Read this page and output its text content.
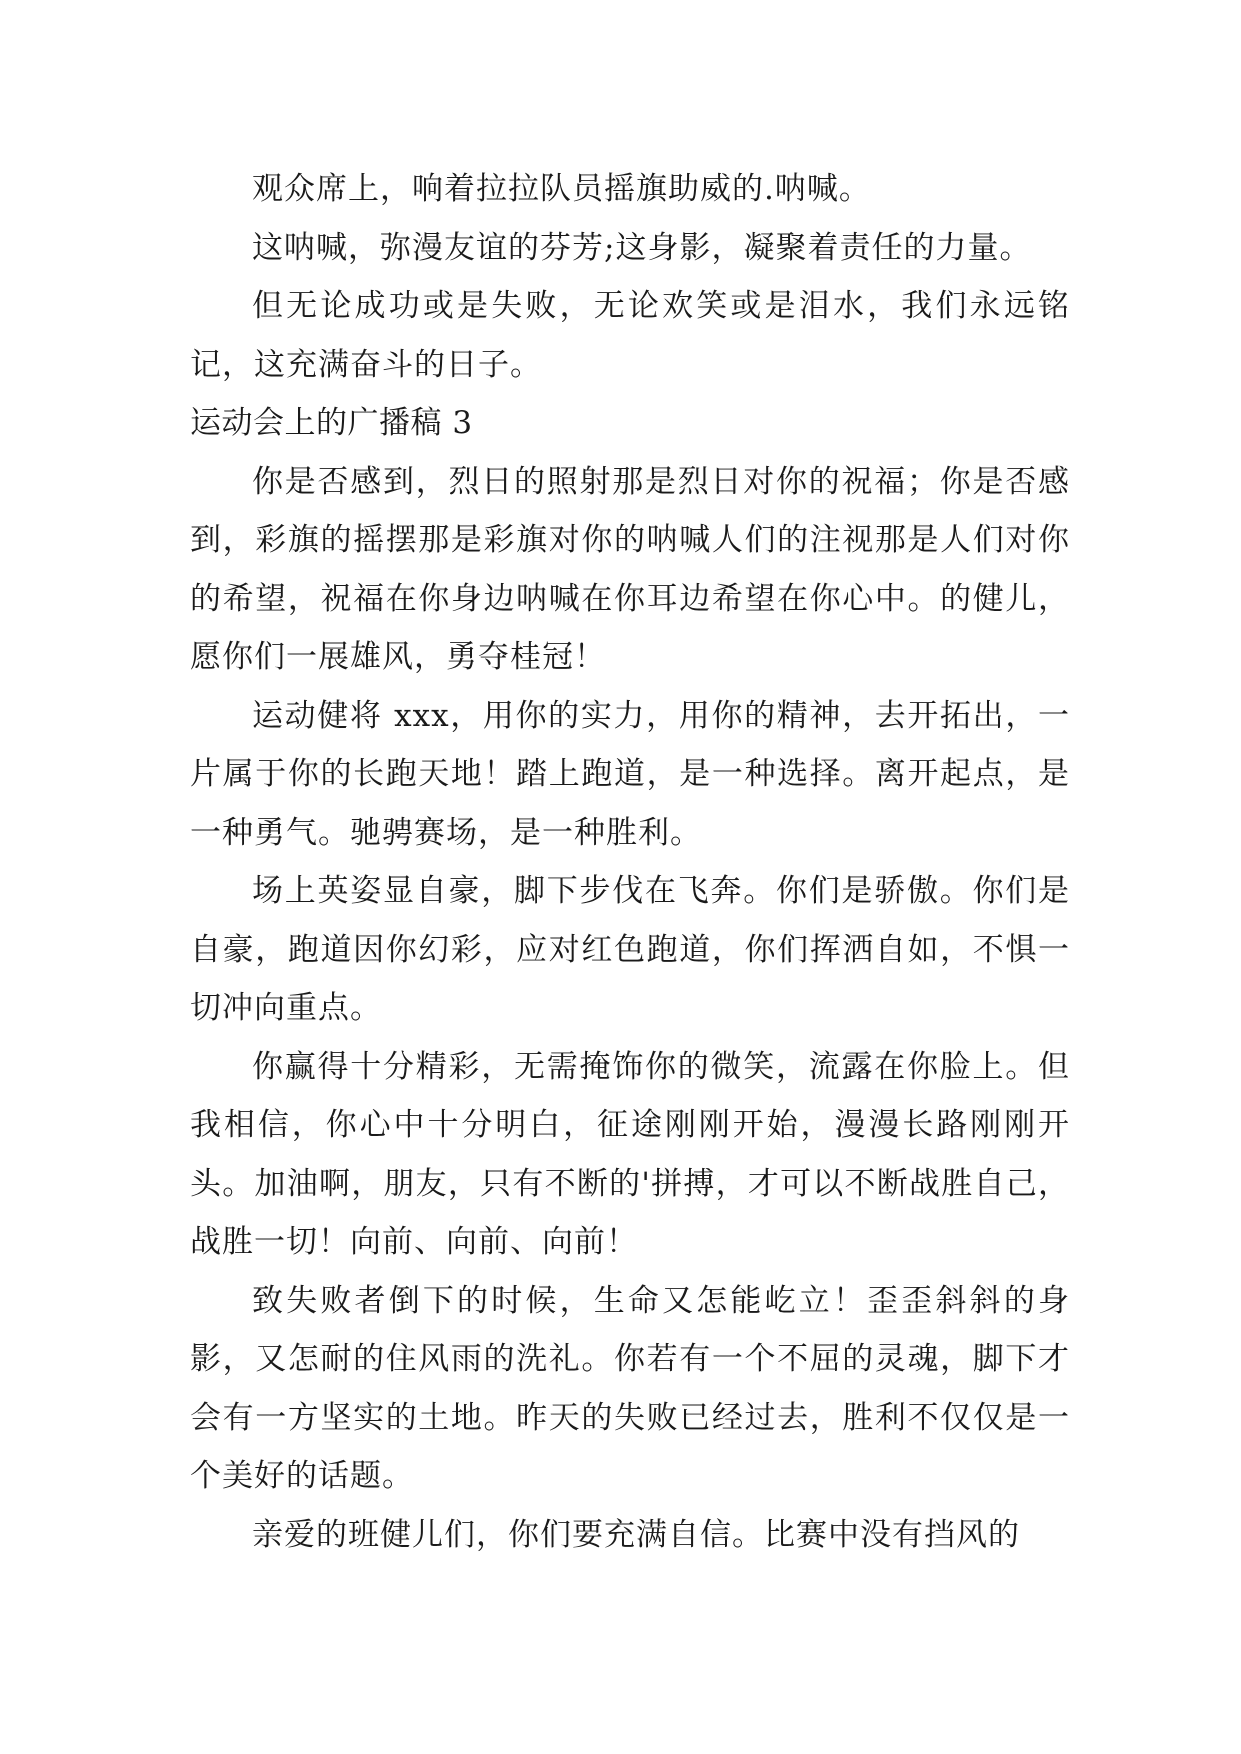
观众席上，响着拉拉队员摇旗助威的.呐喊。

这呐喊，弥漫友谊的芬芳;这身影，凝聚着责任的力量。

但无论成功或是失败，无论欢笑或是泪水，我们永远铭记，这充满奋斗的日子。

运动会上的广播稿 3

你是否感到，烈日的照射那是烈日对你的祝福；你是否感到，彩旗的摇摆那是彩旗对你的呐喊人们的注视那是人们对你的希望，祝福在你身边呐喊在你耳边希望在你心中。的健儿，愿你们一展雄风，勇夺桂冠！

运动健将 xxx，用你的实力，用你的精神，去开拓出，一片属于你的长跑天地！踏上跑道，是一种选择。离开起点，是一种勇气。驰骋赛场，是一种胜利。

场上英姿显自豪，脚下步伐在飞奔。你们是骄傲。你们是自豪，跑道因你幻彩，应对红色跑道，你们挥洒自如，不惧一切冲向重点。

你赢得十分精彩，无需掩饰你的微笑，流露在你脸上。但我相信，你心中十分明白，征途刚刚开始，漫漫长路刚刚开头。加油啊，朋友，只有不断的'拼搏，才可以不断战胜自己，战胜一切！向前、向前、向前！

致失败者倒下的时候，生命又怎能屹立！歪歪斜斜的身影，又怎耐的住风雨的洗礼。你若有一个不屈的灵魂，脚下才会有一方坚实的土地。昨天的失败已经过去，胜利不仅仅是一个美好的话题。

亲爱的班健儿们，你们要充满自信。比赛中没有挡风的
